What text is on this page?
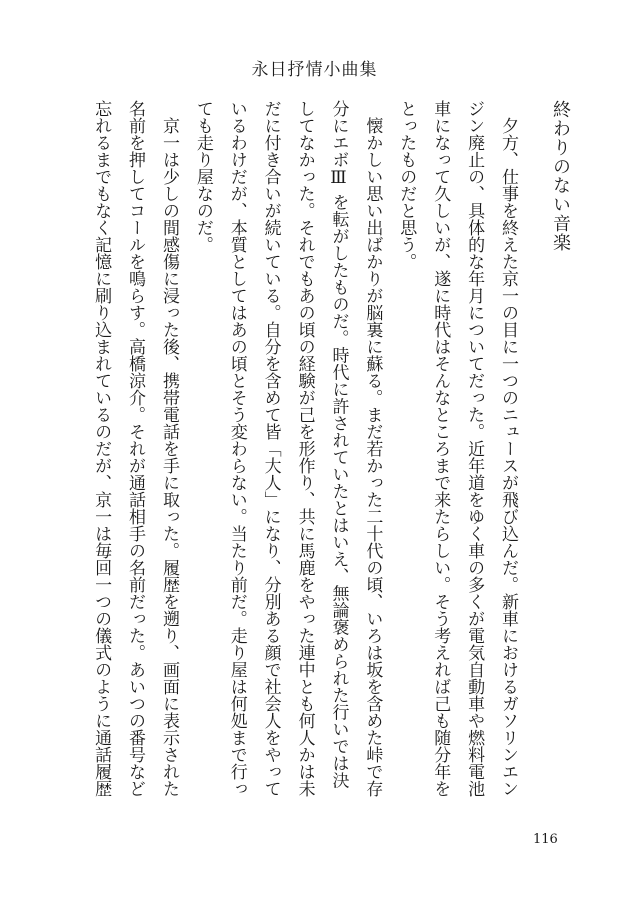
永日抒情小曲集
終わりのない音楽
夕方、仕事を終えた京一の目に一つのニュースが飛び込んだ。新車におけるガソリンエン
ジン廃止の、具体的な年月についてだった。近年道をゆく車の多くが電気自動車や燃料電池
車になって久しいが、遂に時代はそんなところまで来たらしい。そう考えれば己も随分年を
とったものだと思う。
懐かしい思い出ばかりが脳裏に蘇る。まだ若かった二十代の頃、いろは坂を含めた峠で存
分にエボⅢ を転がしたものだ。時代に許されていたとはいえ、無論褒められた行いでは決
してなかった。それでもあの頃の経験が己を形作り、共に馬鹿をやった連中とも何人かは未
だに付き合いが続いている。自分を含めて皆「大人」になり、分別ある顔で社会人をやって
いるわけだが、本質としてはあの頃とそう変わらない。当たり前だ。走り屋は何処まで行っ
ても走り屋なのだ。
京一は少しの間感傷に浸った後、携帯電話を手に取った。履歴を遡り、画面に表示された
名前を押してコールを鳴らす。高橋涼介。それが通話相手の名前だった。あいつの番号など
忘れるまでもなく記憶に刷り込まれているのだが、京一は毎回一つの儀式のように通話履歴
116
